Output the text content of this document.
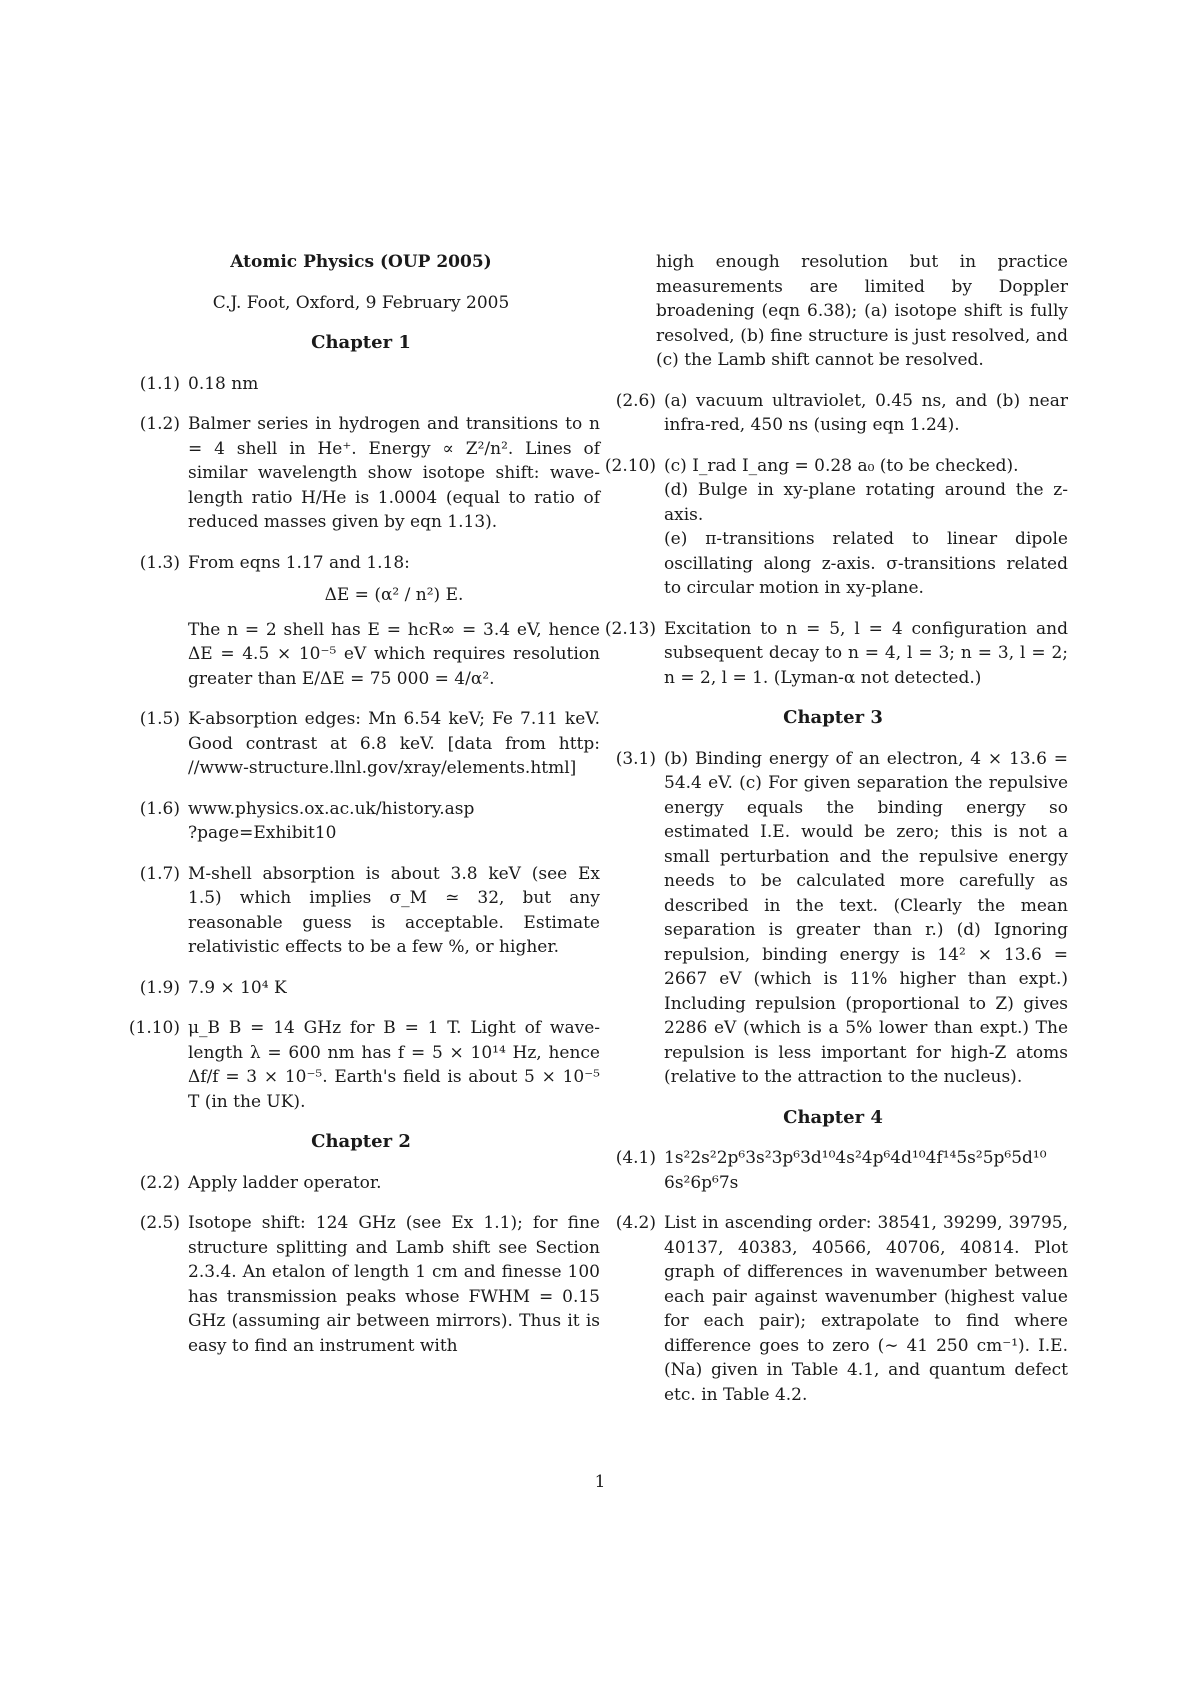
Atomic Physics (OUP 2005)
C.J. Foot, Oxford, 9 February 2005
Chapter 1
(1.1) 0.18 nm
(1.2) Balmer series in hydrogen and transitions to n = 4 shell in He⁺. Energy ∝ Z²/n². Lines of similar wavelength show isotope shift: wave-length ratio H/He is 1.0004 (equal to ratio of reduced masses given by eqn 1.13).
(1.3) From eqns 1.17 and 1.18:
ΔE = (α² / n²) E.
The n = 2 shell has E = hcR∞ = 3.4 eV, hence ΔE = 4.5 × 10⁻⁵ eV which requires resolution greater than E/ΔE = 75 000 = 4/α².
(1.5) K-absorption edges: Mn 6.54 keV; Fe 7.11 keV. Good contrast at 6.8 keV. [data from http: //www-structure.llnl.gov/xray/elements.html]
(1.6) www.physics.ox.ac.uk/history.asp
?page=Exhibit10
(1.7) M-shell absorption is about 3.8 keV (see Ex 1.5) which implies σ_M ≃ 32, but any reasonable guess is acceptable. Estimate relativistic effects to be a few %, or higher.
(1.9) 7.9 × 10⁴ K
(1.10) μ_B B = 14 GHz for B = 1 T. Light of wave-length λ = 600 nm has f = 5 × 10¹⁴ Hz, hence Δf/f = 3 × 10⁻⁵. Earth's field is about 5 × 10⁻⁵ T (in the UK).
Chapter 2
(2.2) Apply ladder operator.
(2.5) Isotope shift: 124 GHz (see Ex 1.1); for fine structure splitting and Lamb shift see Section 2.3.4. An etalon of length 1 cm and finesse 100 has transmission peaks whose FWHM = 0.15 GHz (assuming air between mirrors). Thus it is easy to find an instrument with
high enough resolution but in practice measurements are limited by Doppler broadening (eqn 6.38); (a) isotope shift is fully resolved, (b) fine structure is just resolved, and (c) the Lamb shift cannot be resolved.
(2.6) (a) vacuum ultraviolet, 0.45 ns, and (b) near infra-red, 450 ns (using eqn 1.24).
(2.10) (c) I_rad I_ang = 0.28 a₀ (to be checked).
(d) Bulge in xy-plane rotating around the z-axis.
(e) π-transitions related to linear dipole oscillating along z-axis. σ-transitions related to circular motion in xy-plane.
(2.13) Excitation to n = 5, l = 4 configuration and subsequent decay to n = 4, l = 3; n = 3, l = 2; n = 2, l = 1. (Lyman-α not detected.)
Chapter 3
(3.1) (b) Binding energy of an electron, 4 × 13.6 = 54.4 eV. (c) For given separation the repulsive energy equals the binding energy so estimated I.E. would be zero; this is not a small perturbation and the repulsive energy needs to be calculated more carefully as described in the text. (Clearly the mean separation is greater than r.) (d) Ignoring repulsion, binding energy is 14² × 13.6 = 2667 eV (which is 11% higher than expt.) Including repulsion (proportional to Z) gives 2286 eV (which is a 5% lower than expt.) The repulsion is less important for high-Z atoms (relative to the attraction to the nucleus).
Chapter 4
(4.1) 1s²2s²2p⁶3s²3p⁶3d¹⁰4s²4p⁶4d¹⁰4f¹⁴5s²5p⁶5d¹⁰
6s²6p⁶7s
(4.2) List in ascending order: 38541, 39299, 39795, 40137, 40383, 40566, 40706, 40814. Plot graph of differences in wavenumber between each pair against wavenumber (highest value for each pair); extrapolate to find where difference goes to zero (∼ 41 250 cm⁻¹). I.E.(Na) given in Table 4.1, and quantum defect etc. in Table 4.2.
1
